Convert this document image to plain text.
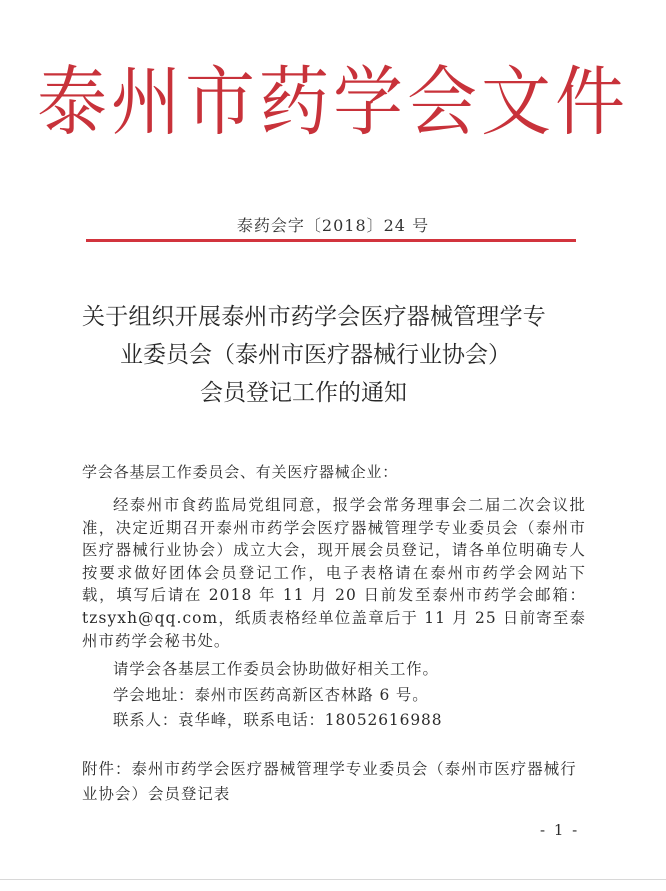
泰州市药学会文件
泰药会字〔2018〕24 号
关于组织开展泰州市药学会医疗器械管理学专
业委员会（泰州市医疗器械行业协会）
会员登记工作的通知
学会各基层工作委员会、有关医疗器械企业：

经泰州市食药监局党组同意，报学会常务理事会二届二次会议批准，决定近期召开泰州市药学会医疗器械管理学专业委员会（泰州市医疗器械行业协会）成立大会，现开展会员登记，请各单位明确专人按要求做好团体会员登记工作，电子表格请在泰州市药学会网站下载，填写后请在 2018 年 11 月 20 日前发至泰州市药学会邮箱：tzsyxh@qq.com，纸质表格经单位盖章后于 11 月 25 日前寄至泰州市药学会秘书处。

请学会各基层工作委员会协助做好相关工作。
学会地址：泰州市医药高新区杏林路 6 号。
联系人：袁华峰，联系电话：18052616988

附件：泰州市药学会医疗器械管理学专业委员会（泰州市医疗器械行业协会）会员登记表

- 1 -
